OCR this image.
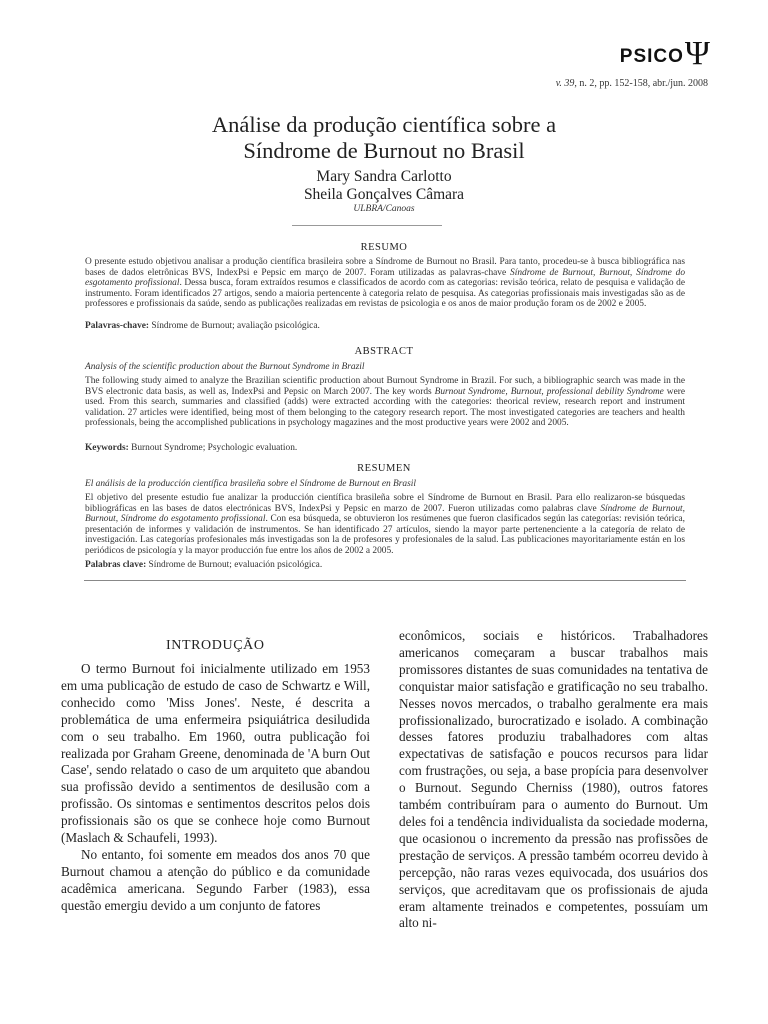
PSICO Ψ
v. 39, n. 2, pp. 152-158, abr./jun. 2008
Análise da produção científica sobre a
Síndrome de Burnout no Brasil
Mary Sandra Carlotto
Sheila Gonçalves Câmara
ULBRA/Canoas
RESUMO
O presente estudo objetivou analisar a produção científica brasileira sobre a Síndrome de Burnout no Brasil. Para tanto, procedeu-se à busca bibliográfica nas bases de dados eletrônicas BVS, IndexPsi e Pepsic em março de 2007. Foram utilizadas as palavras-chave Síndrome de Burnout, Burnout, Síndrome do esgotamento profissional. Dessa busca, foram extraídos resumos e classificados de acordo com as categorias: revisão teórica, relato de pesquisa e validação de instrumento. Foram identificados 27 artigos, sendo a maioria pertencente à categoria relato de pesquisa. As categorias profissionais mais investigadas são as de professores e profissionais da saúde, sendo as publicações realizadas em revistas de psicologia e os anos de maior produção foram os de 2002 e 2005.
Palavras-chave: Síndrome de Burnout; avaliação psicológica.
ABSTRACT
Analysis of the scientific production about the Burnout Syndrome in Brazil
The following study aimed to analyze the Brazilian scientific production about Burnout Syndrome in Brazil. For such, a bibliographic search was made in the BVS electronic data basis, as well as, IndexPsi and Pepsic on March 2007. The key words Burnout Syndrome, Burnout, professional debility Syndrome were used. From this search, summaries and classified (adds) were extracted according with the categories: theorical review, research report and instrument validation. 27 articles were identified, being most of them belonging to the category research report. The most investigated categories are teachers and health professionals, being the accomplished publications in psychology magazines and the most productive years were 2002 and 2005.
Keywords: Burnout Syndrome; Psychologic evaluation.
RESUMEN
El análisis de la producción científica brasileña sobre el Síndrome de Burnout en Brasil
El objetivo del presente estudio fue analizar la producción científica brasileña sobre el Síndrome de Burnout en Brasil. Para ello realizaron-se búsquedas bibliográficas en las bases de datos electrónicas BVS, IndexPsi y Pepsic en marzo de 2007. Fueron utilizadas como palabras clave Síndrome de Burnout, Burnout, Síndrome do esgotamento profissional. Con esa búsqueda, se obtuvieron los resúmenes que fueron clasificados según las categorías: revisión teórica, presentación de informes y validación de instrumentos. Se han identificado 27 artículos, siendo la mayor parte pertenenciente a la categoría de relato de investigación. Las categorías profesionales más investigadas son la de profesores y profesionales de la salud. Las publicaciones mayoritariamente están en los periódicos de psicología y la mayor producción fue entre los años de 2002 a 2005.
Palabras clave: Síndrome de Burnout; evaluación psicológica.
INTRODUÇÃO

O termo Burnout foi inicialmente utilizado em 1953 em uma publicação de estudo de caso de Schwartz e Will, conhecido como 'Miss Jones'. Neste, é descrita a problemática de uma enfermeira psiquiátrica desiludida com o seu trabalho. Em 1960, outra publicação foi realizada por Graham Greene, denominada de 'A burn Out Case', sendo relatado o caso de um arquiteto que abandou sua profissão devido a sentimentos de desilusão com a profissão. Os sintomas e sentimentos descritos pelos dois profissionais são os que se conhece hoje como Burnout (Maslach & Schaufeli, 1993).

No entanto, foi somente em meados dos anos 70 que Burnout chamou a atenção do público e da comunidade acadêmica americana. Segundo Farber (1983), essa questão emergiu devido a um conjunto de fatores

econômicos, sociais e históricos. Trabalhadores americanos começaram a buscar trabalhos mais promissores distantes de suas comunidades na tentativa de conquistar maior satisfação e gratificação no seu trabalho. Nesses novos mercados, o trabalho geralmente era mais profissionalizado, burocratizado e isolado. A combinação desses fatores produziu trabalhadores com altas expectativas de satisfação e poucos recursos para lidar com frustrações, ou seja, a base propícia para desenvolver o Burnout. Segundo Cherniss (1980), outros fatores também contribuíram para o aumento do Burnout. Um deles foi a tendência individualista da sociedade moderna, que ocasionou o incremento da pressão nas profissões de prestação de serviços. A pressão também ocorreu devido à percepção, não raras vezes equivocada, dos usuários dos serviços, que acreditavam que os profissionais de ajuda eram altamente treinados e competentes, possuíam um alto ni-
